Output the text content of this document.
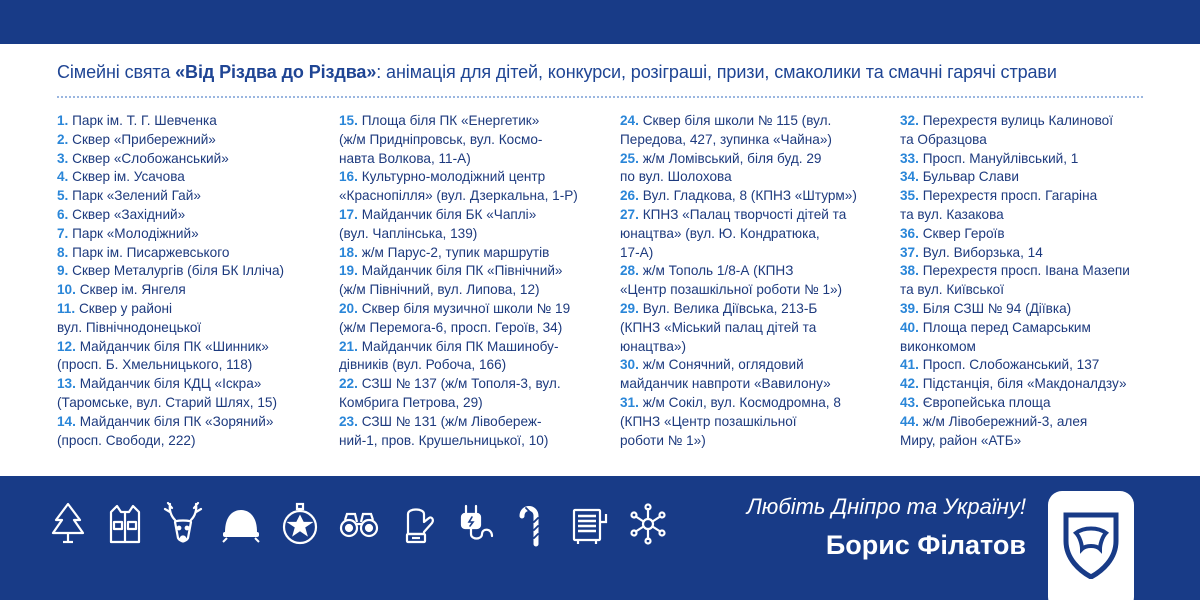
Сімейні свята «Від Різдва до Різдва»: анімація для дітей, конкурси, розіграші, призи, смаколики та смачні гарячі страви
1. Парк ім. Т. Г. Шевченка
2. Сквер «Прибережний»
3. Сквер «Слобожанський»
4. Сквер ім. Усачова
5. Парк «Зелений Гай»
6. Сквер «Західний»
7. Парк «Молодіжний»
8. Парк ім. Писаржевського
9. Сквер Металургів (біля БК Ілліча)
10. Сквер ім. Янгеля
11. Сквер у районі
вул. Північнодонецької
12. Майданчик біля ПК «Шинник»
(просп. Б. Хмельницького, 118)
13. Майданчик біля КДЦ «Іскра»
(Таромське, вул. Старий Шлях, 15)
14. Майданчик біля ПК «Зоряний»
(просп. Свободи, 222)
15. Площа біля ПК «Енергетик»
(ж/м Придніпровськ, вул. Космо-
навта Волкова, 11-А)
16. Культурно-молодіжний центр
«Краснопілля» (вул. Дзеркальна, 1-Р)
17. Майданчик біля БК «Чаплі»
(вул. Чаплінська, 139)
18. ж/м Парус-2, тупик маршрутів
19. Майданчик біля ПК «Північний»
(ж/м Північний, вул. Липова, 12)
20. Сквер біля музичної школи № 19
(ж/м Перемога-6, просп. Героїв, 34)
21. Майданчик біля ПК Машинобу-
дівників (вул. Робоча, 166)
22. СЗШ № 137 (ж/м Тополя-3, вул.
Комбрига Петрова, 29)
23. СЗШ № 131 (ж/м Лівобереж-
ний-1, пров. Крушельницької, 10)
24. Сквер біля школи № 115 (вул.
Передова, 427, зупинка «Чайна»)
25. ж/м Ломівський, біля буд. 29
по вул. Шолохова
26. Вул. Гладкова, 8 (КПНЗ «Штурм»)
27. КПНЗ «Палац творчості дітей та
юнацтва» (вул. Ю. Кондратюка,
17-А)
28. ж/м Тополь 1/8-А (КПНЗ
«Центр позашкільної роботи № 1»)
29. Вул. Велика Діївська, 213-Б
(КПНЗ «Міський палац дітей та
юнацтва»)
30. ж/м Сонячний, оглядовий
майданчик навпроти «Вавилону»
31. ж/м Сокіл, вул. Космодромна, 8
(КПНЗ «Центр позашкільної
роботи № 1»)
32. Перехрестя вулиць Калинової
та Образцова
33. Просп. Мануйлівський, 1
34. Бульвар Слави
35. Перехрестя просп. Гагаріна
та вул. Казакова
36. Сквер Героїв
37. Вул. Виборзька, 14
38. Перехрестя просп. Івана Мазепи
та вул. Київської
39. Біля СЗШ № 94 (Діївка)
40. Площа перед Самарським
виконкомом
41. Просп. Слобожанський, 137
42. Підстанція, біля «Макдоналдзу»
43. Європейська площа
44. ж/м Лівобережний-3, алея
Миру, район «АТБ»
Любіть Дніпро та Україну!
Борис Філатов
